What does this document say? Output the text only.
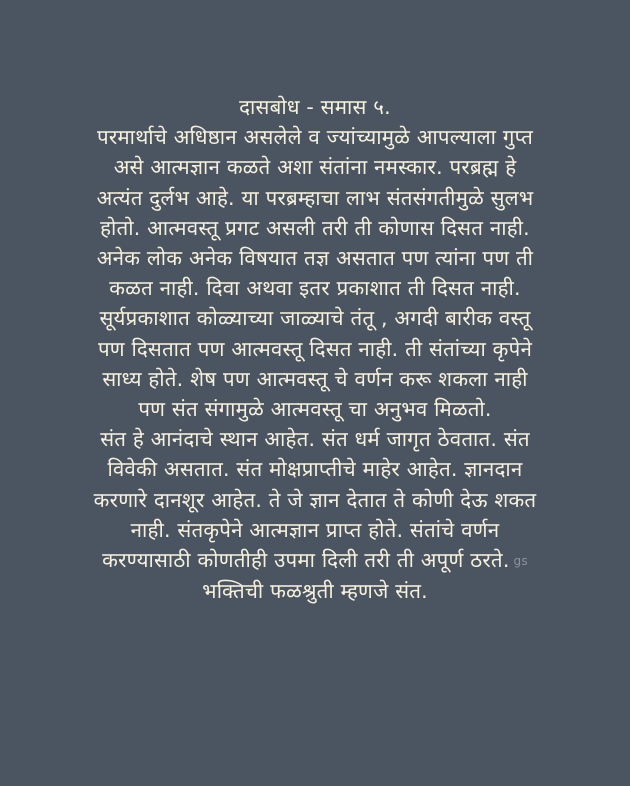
दासबोध - समास ५.
परमार्थाचे अधिष्ठान असलेले व ज्यांच्यामुळे आपल्याला गुप्त
असे आत्मज्ञान कळते अशा संतांना नमस्कार. परब्रह्म हे
अत्यंत दुर्लभ आहे. या परब्रम्हाचा लाभ संतसंगतीमुळे सुलभ
होतो. आत्मवस्तू प्रगट असली तरी ती कोणास दिसत नाही.
अनेक लोक अनेक विषयात तज्ञ असतात पण त्यांना पण ती
कळत नाही. दिवा अथवा इतर प्रकाशात ती दिसत नाही.
सूर्यप्रकाशात कोळ्याच्या जाळ्याचे तंतू , अगदी बारीक वस्तू
पण दिसतात पण आत्मवस्तू दिसत नाही. ती संतांच्या कृपेने
साध्य होते. शेष पण आत्मवस्तू चे वर्णन करू शकला नाही
पण संत संगामुळे आत्मवस्तू चा अनुभव मिळतो.
संत हे आनंदाचे स्थान आहेत. संत धर्म जागृत ठेवतात. संत
विवेकी असतात. संत मोक्षप्राप्तीचे माहेर आहेत. ज्ञानदान
करणारे दानशूर आहेत. ते जे ज्ञान देतात ते कोणी देऊ शकत
नाही. संतकृपेने आत्मज्ञान प्राप्त होते. संतांचे वर्णन
करण्यासाठी कोणतीही उपमा दिली तरी ती अपूर्ण ठरते. gs
भक्तिची फळश्रुती म्हणजे संत.
